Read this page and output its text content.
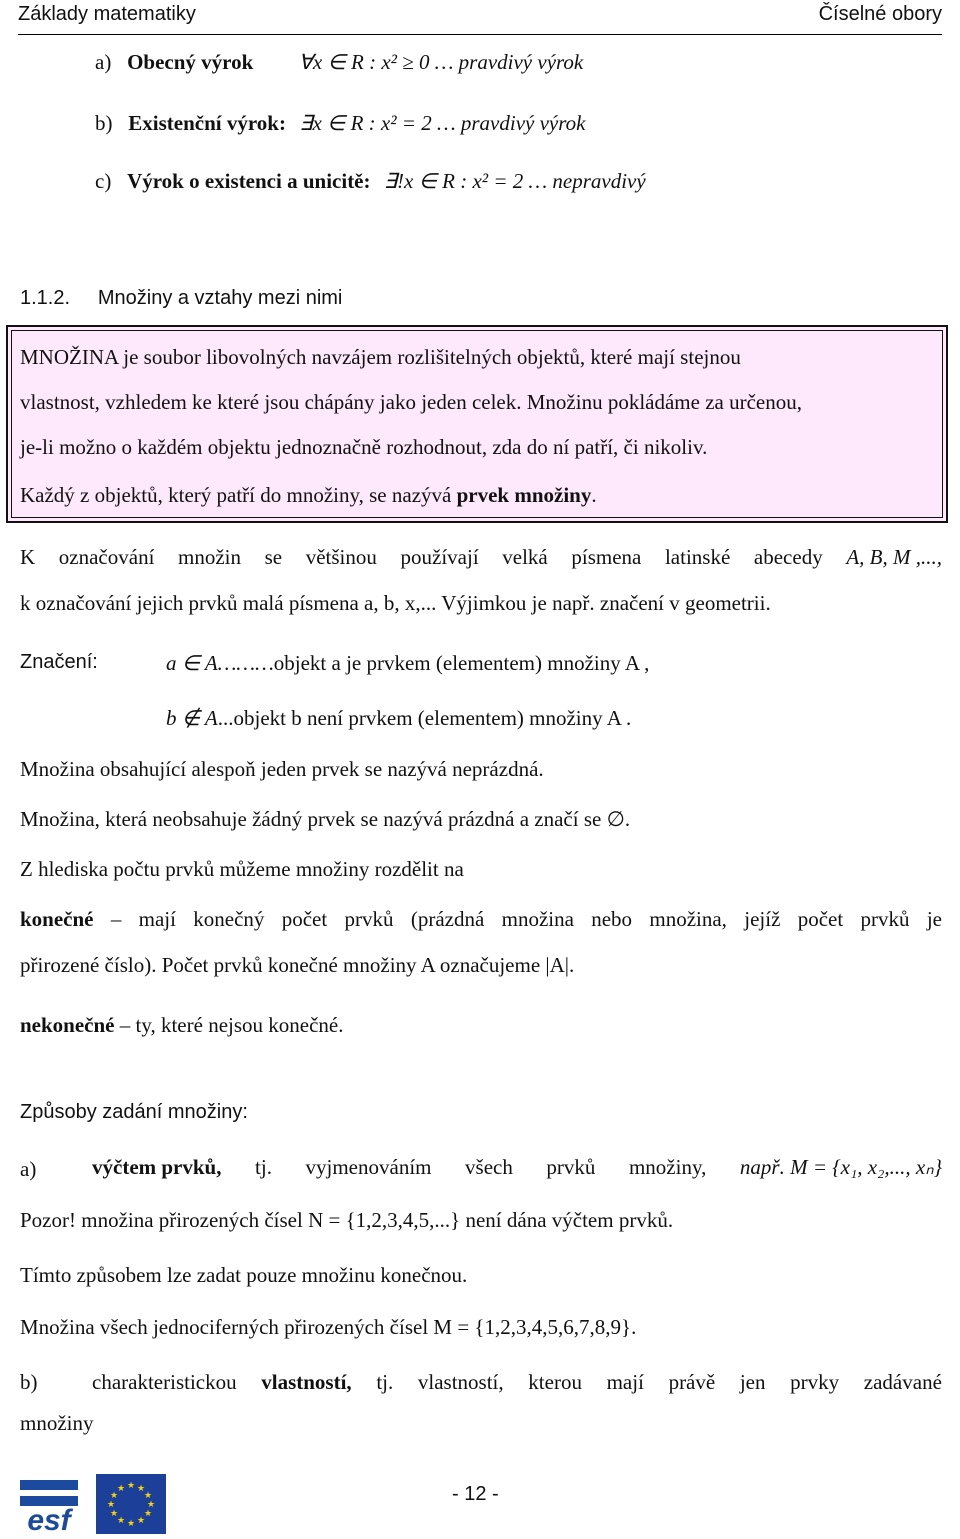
Základy matematiky	Číselné obory
a) Obecný výrok ∀x ∈ R : x² ≥ 0 … pravdivý výrok
b) Existenční výrok: ∃x ∈ R : x² = 2 … pravdivý výrok
c) Výrok o existenci a unicitě: ∃!x ∈ R : x² = 2 … nepravdivý
1.1.2. Množiny a vztahy mezi nimi
MNOŽINA je soubor libovolných navzájem rozlišitelných objektů, které mají stejnou
vlastnost, vzhledem ke které jsou chápány jako jeden celek. Množinu pokládáme za určenou,
je-li možno o každém objektu jednoznačně rozhodnout, zda do ní patří, či nikoliv.
Každý z objektů, který patří do množiny, se nazývá prvek množiny.
K označování množin se většinou používají velká písmena latinské abecedy A, B, M ,...,
k označování jejich prvků malá písmena a, b, x,... Výjimkou je např. značení v geometrii.
Značení:	a ∈ A………objekt a je prvkem (elementem) množiny A ,
b ∉ A...objekt b není prvkem (elementem) množiny A .
Množina obsahující alespoň jeden prvek se nazývá neprázdná.
Množina, která neobsahuje žádný prvek se nazývá prázdná a značí se ∅.
Z hlediska počtu prvků můžeme množiny rozdělit na
konečné – mají konečný počet prvků (prázdná množina nebo množina, jejíž počet prvků je
přirozené číslo). Počet prvků konečné množiny A označujeme |A|.
nekonečné – ty, které nejsou konečné.
Způsoby zadání množiny:
a)	výčtem prvků, tj. vyjmenováním všech prvků množiny, např. M = {x₁, x₂,..., xₙ}
Pozor! množina přirozených čísel N = {1,2,3,4,5,...} není dána výčtem prvků.
Tímto způsobem lze zadat pouze množinu konečnou.
Množina všech jednociferných přirozených čísel M = {1,2,3,4,5,6,7,8,9}.
b)	charakteristickou vlastností, tj. vlastností, kterou mají právě jen prvky zadávané
množiny
- 12 -
esf
★ ★
★
★
★
★
★
★
★
★
★
★
